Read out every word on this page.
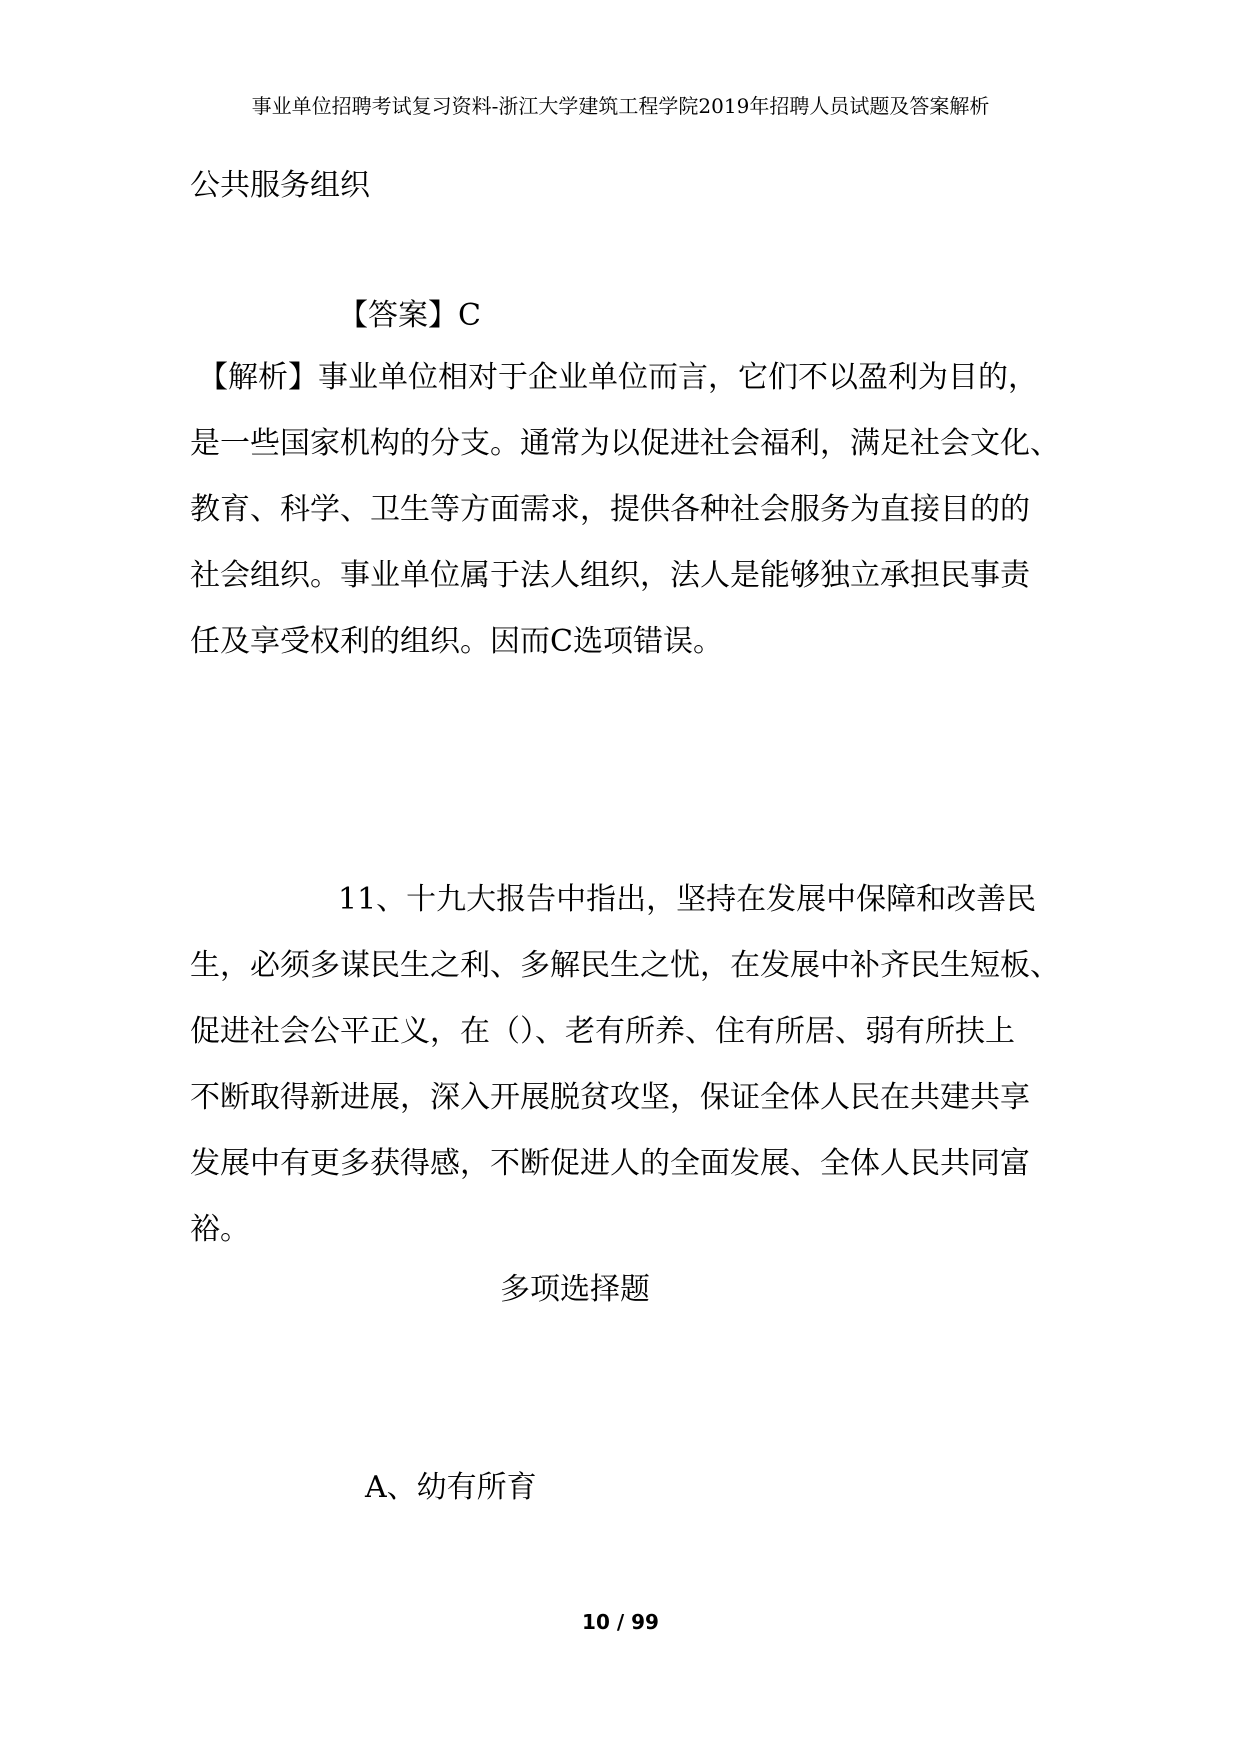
事业单位招聘考试复习资料-浙江大学建筑工程学院2019年招聘人员试题及答案解析
公共服务组织
【答案】C
【解析】事业单位相对于企业单位而言，它们不以盈利为目的，
是一些国家机构的分支。通常为以促进社会福利，满足社会文化、
教育、科学、卫生等方面需求，提供各种社会服务为直接目的的
社会组织。事业单位属于法人组织，法人是能够独立承担民事责
任及享受权利的组织。因而C选项错误。
11、十九大报告中指出，坚持在发展中保障和改善民
生，必须多谋民生之利、多解民生之忧，在发展中补齐民生短板、
促进社会公平正义，在（）、老有所养、住有所居、弱有所扶上
不断取得新进展，深入开展脱贫攻坚，保证全体人民在共建共享
发展中有更多获得感，不断促进人的全面发展、全体人民共同富
裕。
多项选择题
A、幼有所育
10 / 99
